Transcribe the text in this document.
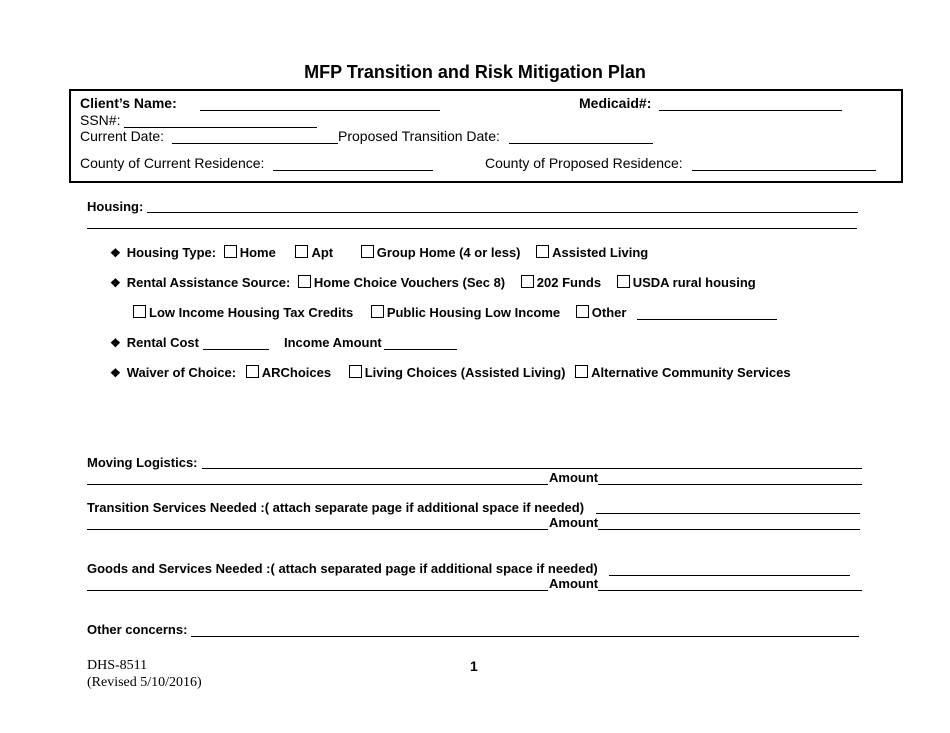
MFP Transition and Risk Mitigation Plan
Client’s Name:	Medicaid#:
SSN#:
Current Date:	Proposed Transition Date:
County of Current Residence:	County of Proposed Residence:
Housing:
❖ Housing Type: Home	Apt	Group Home (4 or less) Assisted Living
❖ Rental Assistance Source: Home Choice Vouchers (Sec 8) 202 Funds USDA rural housing
Low Income Housing Tax Credits	Public Housing Low Income Other
❖ Rental Cost	Income Amount
❖ Waiver of Choice: ARChoices	Living Choices (Assisted Living) Alternative Community Services
Moving Logistics:
Amount
Transition Services Needed :( attach separate page if additional space if needed)
Amount
Goods and Services Needed :( attach separated page if additional space if needed)
Amount
Other concerns:
DHS-8511
(Revised 5/10/2016)
1
